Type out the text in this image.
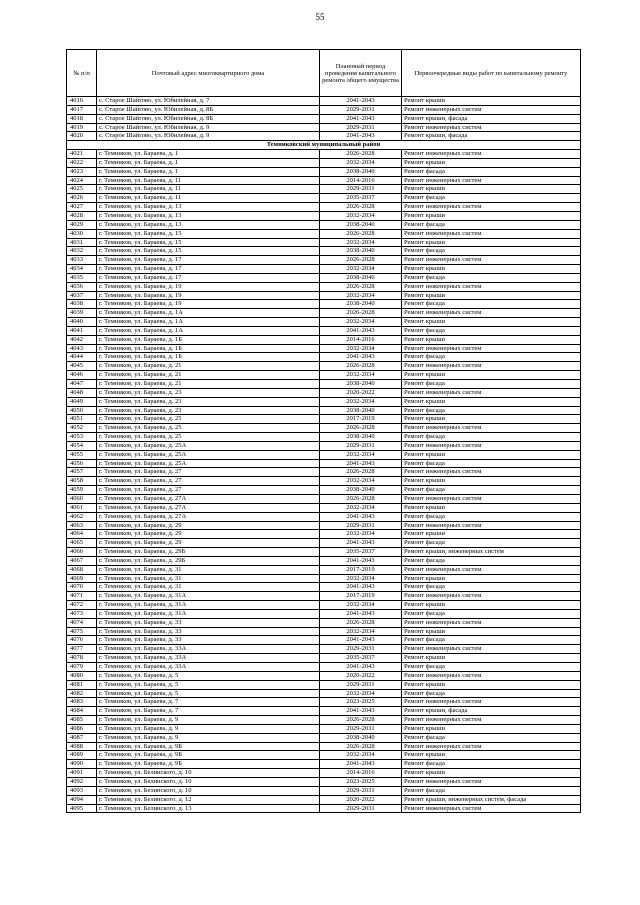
55
№ п/п	Почтовый адрес многоквартирного дома	Плановый период проведения капитального ремонта общего имущества	Первоочередные виды работ по капитальному ремонту
4016	с. Старое Шайгово, ул. Юбилейная, д. 7	2041-2043	Ремонт крыши
4017	с. Старое Шайгово, ул. Юбилейная, д. 8Б	2029-2031	Ремонт инженерных систем
4018	с. Старое Шайгово, ул. Юбилейная, д. 8Б	2041-2043	Ремонт крыши, фасада
4019	с. Старое Шайгово, ул. Юбилейная, д. 9	2029-2031	Ремонт инженерных систем
4020	с. Старое Шайгово, ул. Юбилейная, д. 9	2041-2043	Ремонт крыши, фасада
Темниковский муниципальный район			
4021	г. Темников, ул. Бараева, д. 1	2026-2028	Ремонт инженерных систем
4022	г. Темников, ул. Бараева, д. 1	2032-2034	Ремонт крыши
4023	г. Темников, ул. Бараева, д. 1	2038-2040	Ремонт фасада
4024	г. Темников, ул. Бараева, д. 11	2014-2016	Ремонт инженерных систем
4025	г. Темников, ул. Бараева, д. 11	2029-2031	Ремонт крыши
4026	г. Темников, ул. Бараева, д. 11	2035-2037	Ремонт фасада
4027	г. Темников, ул. Бараева, д. 13	2026-2028	Ремонт инженерных систем
4028	г. Темников, ул. Бараева, д. 13	2032-2034	Ремонт крыши
4029	г. Темников, ул. Бараева, д. 13	2038-2040	Ремонт фасада
4030	г. Темников, ул. Бараева, д. 15	2026-2028	Ремонт инженерных систем
4031	г. Темников, ул. Бараева, д. 15	2032-2034	Ремонт крыши
4032	г. Темников, ул. Бараева, д. 15	2038-2040	Ремонт фасада
4033	г. Темников, ул. Бараева, д. 17	2026-2028	Ремонт инженерных систем
4034	г. Темников, ул. Бараева, д. 17	2032-2034	Ремонт крыши
4035	г. Темников, ул. Бараева, д. 17	2038-2040	Ремонт фасада
4036	г. Темников, ул. Бараева, д. 19	2026-2028	Ремонт инженерных систем
4037	г. Темников, ул. Бараева, д. 19	2032-2034	Ремонт крыши
4038	г. Темников, ул. Бараева, д. 19	2038-2040	Ремонт фасада
4039	г. Темников, ул. Бараева, д. 1А	2026-2028	Ремонт инженерных систем
4040	г. Темников, ул. Бараева, д. 1А	2032-2034	Ремонт крыши
4041	г. Темников, ул. Бараева, д. 1А	2041-2043	Ремонт фасада
4042	г. Темников, ул. Бараева, д. 1Б	2014-2016	Ремонт крыши
4043	г. Темников, ул. Бараева, д. 1Б	2032-2034	Ремонт инженерных систем
4044	г. Темников, ул. Бараева, д. 1Б	2041-2043	Ремонт фасада
4045	г. Темников, ул. Бараева, д. 21	2026-2028	Ремонт инженерных систем
4046	г. Темников, ул. Бараева, д. 21	2032-2034	Ремонт крыши
4047	г. Темников, ул. Бараева, д. 21	2038-2040	Ремонт фасада
4048	г. Темников, ул. Бараева, д. 23	2020-2022	Ремонт инженерных систем
4049	г. Темников, ул. Бараева, д. 23	2032-2034	Ремонт крыши
4050	г. Темников, ул. Бараева, д. 23	2038-2040	Ремонт фасада
4051	г. Темников, ул. Бараева, д. 25	2017-2019	Ремонт крыши
4052	г. Темников, ул. Бараева, д. 25	2026-2028	Ремонт инженерных систем
4053	г. Темников, ул. Бараева, д. 25	2038-2040	Ремонт фасада
4054	г. Темников, ул. Бараева, д. 25А	2029-2031	Ремонт инженерных систем
4055	г. Темников, ул. Бараева, д. 25А	2032-2034	Ремонт крыши
4056	г. Темников, ул. Бараева, д. 25А	2041-2043	Ремонт фасада
4057	г. Темников, ул. Бараева, д. 27	2026-2028	Ремонт инженерных систем
4058	г. Темников, ул. Бараева, д. 27	2032-2034	Ремонт крыши
4059	г. Темников, ул. Бараева, д. 27	2038-2040	Ремонт фасада
4060	г. Темников, ул. Бараева, д. 27А	2026-2028	Ремонт инженерных систем
4061	г. Темников, ул. Бараева, д. 27А	2032-2034	Ремонт крыши
4062	г. Темников, ул. Бараева, д. 27А	2041-2043	Ремонт фасада
4063	г. Темников, ул. Бараева, д. 29	2029-2031	Ремонт инженерных систем
4064	г. Темников, ул. Бараева, д. 29	2032-2034	Ремонт крыши
4065	г. Темников, ул. Бараева, д. 29	2041-2043	Ремонт фасада
4066	г. Темников, ул. Бараева, д. 29Б	2035-2037	Ремонт крыши, инженерных систем
4067	г. Темников, ул. Бараева, д. 29Б	2041-2043	Ремонт фасада
4068	г. Темников, ул. Бараева, д. 31	2017-2019	Ремонт инженерных систем
4069	г. Темников, ул. Бараева, д. 31	2032-2034	Ремонт крыши
4070	г. Темников, ул. Бараева, д. 31	2041-2043	Ремонт фасада
4071	г. Темников, ул. Бараева, д. 31А	2017-2019	Ремонт инженерных систем
4072	г. Темников, ул. Бараева, д. 31А	2032-2034	Ремонт крыши
4073	г. Темников, ул. Бараева, д. 31А	2041-2043	Ремонт фасада
4074	г. Темников, ул. Бараева, д. 33	2026-2028	Ремонт инженерных систем
4075	г. Темников, ул. Бараева, д. 33	2032-2034	Ремонт крыши
4076	г. Темников, ул. Бараева, д. 33	2041-2043	Ремонт фасада
4077	г. Темников, ул. Бараева, д. 33А	2029-2031	Ремонт инженерных систем
4078	г. Темников, ул. Бараева, д. 33А	2035-2037	Ремонт крыши
4079	г. Темников, ул. Бараева, д. 33А	2041-2043	Ремонт фасада
4080	г. Темников, ул. Бараева, д. 5	2020-2022	Ремонт инженерных систем
4081	г. Темников, ул. Бараева, д. 5	2029-2031	Ремонт крыши
4082	г. Темников, ул. Бараева, д. 5	2032-2034	Ремонт фасада
4083	г. Темников, ул. Бараева, д. 7	2023-2025	Ремонт инженерных систем
4084	г. Темников, ул. Бараева, д. 7	2041-2043	Ремонт крыши, фасада
4085	г. Темников, ул. Бараева, д. 9	2026-2028	Ремонт инженерных систем
4086	г. Темников, ул. Бараева, д. 9	2029-2031	Ремонт крыши
4087	г. Темников, ул. Бараева, д. 9	2038-2040	Ремонт фасада
4088	г. Темников, ул. Бараева, д. 9Б	2026-2028	Ремонт инженерных систем
4089	г. Темников, ул. Бараева, д. 9Б	2032-2034	Ремонт крыши
4090	г. Темников, ул. Бараева, д. 9Б	2041-2043	Ремонт фасада
4091	г. Темников, ул. Белинского, д. 10	2014-2016	Ремонт крыши
4092	г. Темников, ул. Белинского, д. 10	2023-2025	Ремонт инженерных систем
4093	г. Темников, ул. Белинского, д. 10	2029-2031	Ремонт фасада
4094	г. Темников, ул. Белинского, д. 12	2020-2022	Ремонт крыши, инженерных систем, фасада
4095	г. Темников, ул. Белинского, д. 13	2029-2031	Ремонт инженерных систем
